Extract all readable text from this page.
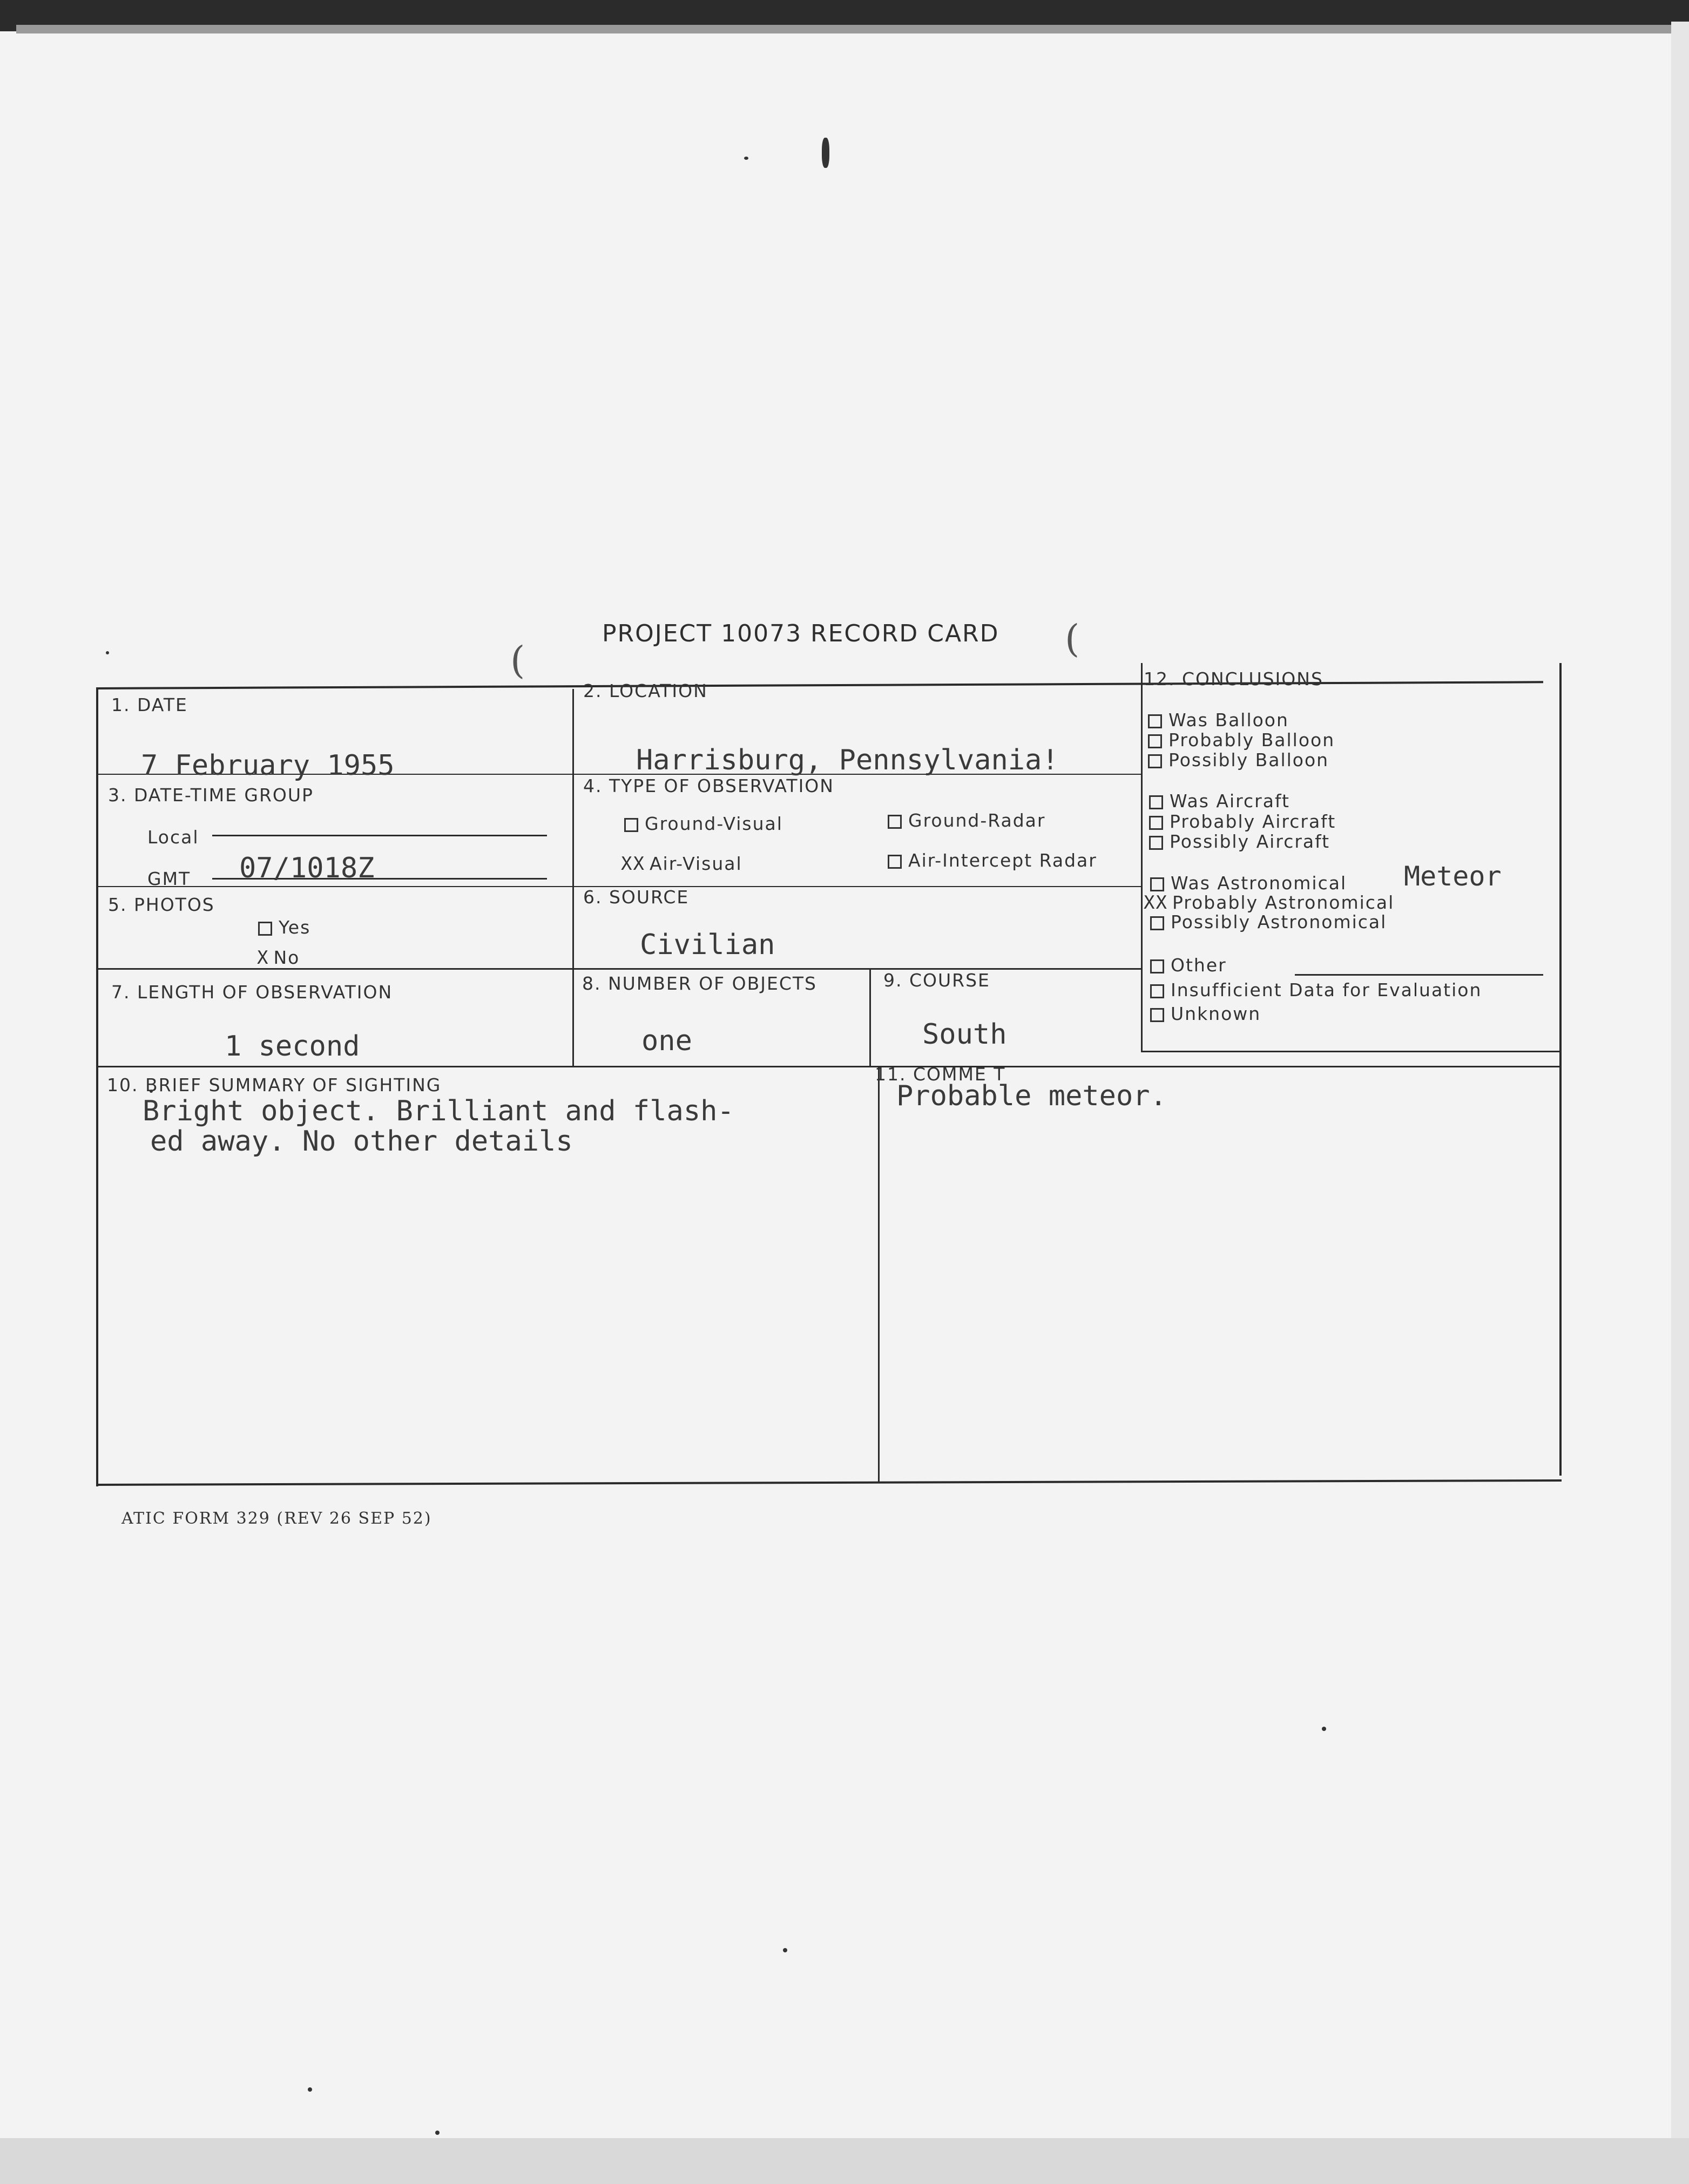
PROJECT 10073 RECORD CARD
(	(
1. DATE
7 February 1955
2. LOCATION
Harrisburg, Pennsylvania!
3. DATE-TIME GROUP
Local
GMT 07/1018Z
4. TYPE OF OBSERVATION
Ground-Visual	Ground-Radar
XX Air-Visual	Air-Intercept Radar
5. PHOTOS
Yes
X No
6. SOURCE
Civilian
7. LENGTH OF OBSERVATION
1 second
8. NUMBER OF OBJECTS
one
9. COURSE
South
10. BRIEF SUMMARY OF SIGHTING
Bright object. Brilliant and flash-
ed away. No other details
11. COMME T
Probable meteor.
12. CONCLUSIONS
Was Balloon
Probably Balloon
Possibly Balloon
Was Aircraft
Probably Aircraft
Possibly Aircraft
Was Astronomical Meteor
XX Probably Astronomical
Possibly Astronomical
Other
Insufficient Data for Evaluation
Unknown
ATIC FORM 329 (REV 26 SEP 52)
